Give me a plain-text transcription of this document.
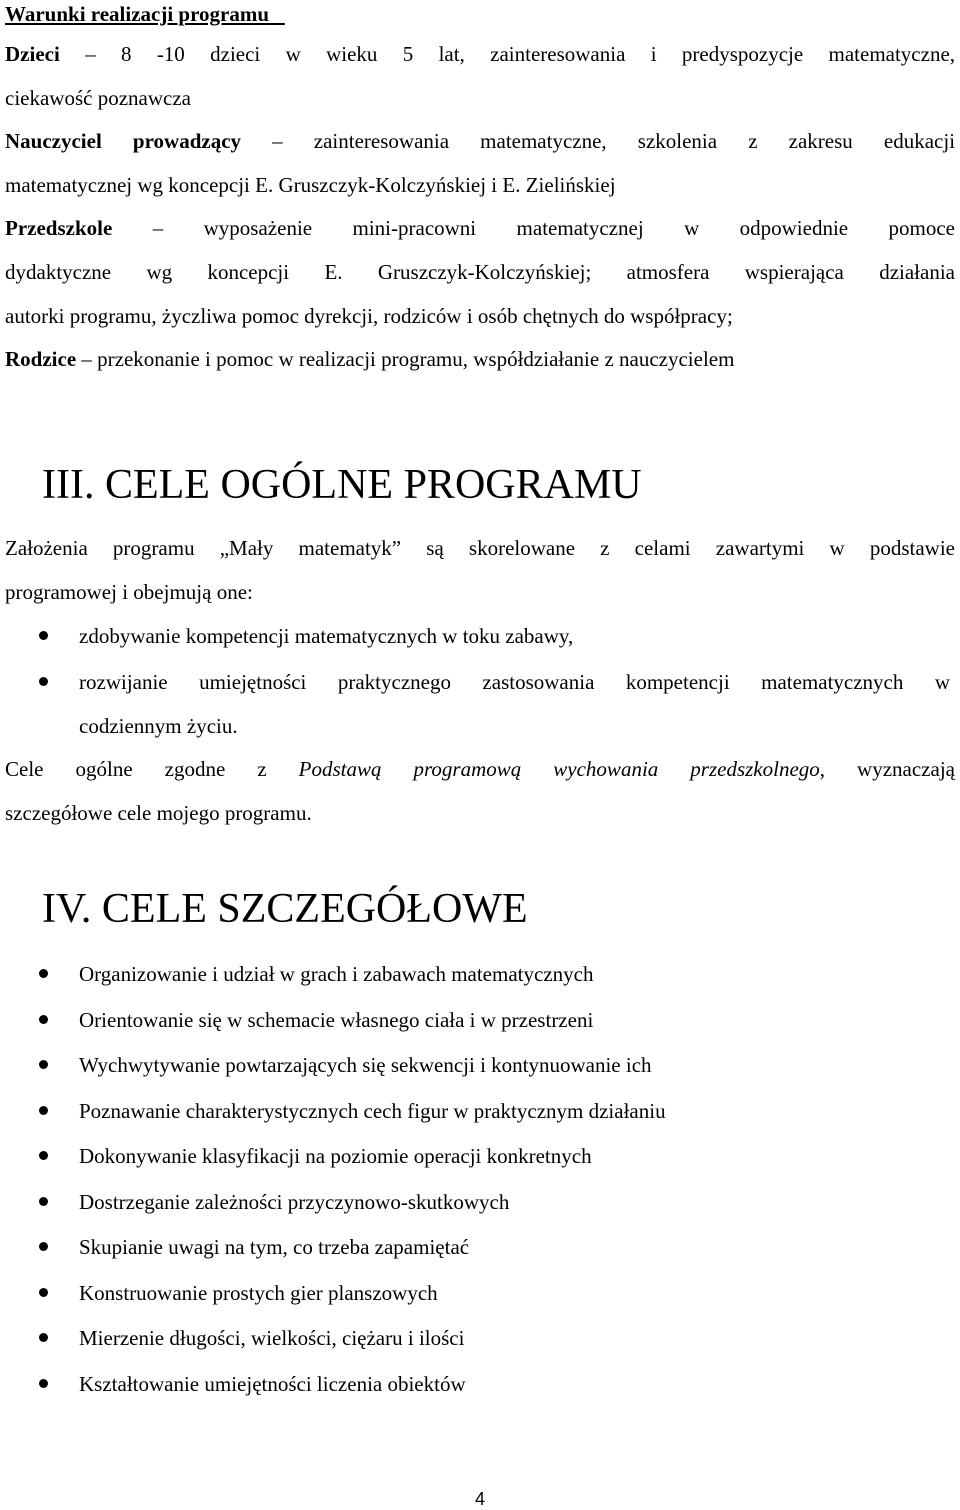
Warunki realizacji programu
Dzieci – 8 -10 dzieci w wieku 5 lat, zainteresowania i predyspozycje matematyczne,
ciekawość poznawcza
Nauczyciel prowadzący – zainteresowania matematyczne, szkolenia z zakresu edukacji
matematycznej wg koncepcji E. Gruszczyk-Kolczyńskiej i E. Zielińskiej
Przedszkole – wyposażenie mini-pracowni matematycznej w odpowiednie pomoce
dydaktyczne wg koncepcji E. Gruszczyk-Kolczyńskiej; atmosfera wspierająca działania
autorki programu, życzliwa pomoc dyrekcji, rodziców i osób chętnych do współpracy;
Rodzice – przekonanie i pomoc w realizacji programu, współdziałanie z nauczycielem
III. CELE OGÓLNE PROGRAMU
Założenia programu „Mały matematyk” są skorelowane z celami zawartymi w podstawie
programowej i obejmują one:
zdobywanie kompetencji matematycznych w toku zabawy,
rozwijanie umiejętności praktycznego zastosowania kompetencji matematycznych w
codziennym życiu.
Cele ogólne zgodne z Podstawą programową wychowania przedszkolnego, wyznaczają
szczegółowe cele mojego programu.
IV. CELE SZCZEGÓŁOWE
Organizowanie i udział w grach i zabawach matematycznych
Orientowanie się w schemacie własnego ciała i w przestrzeni
Wychwytywanie powtarzających się sekwencji i kontynuowanie ich
Poznawanie charakterystycznych cech figur w praktycznym działaniu
Dokonywanie klasyfikacji na poziomie operacji konkretnych
Dostrzeganie zależności przyczynowo-skutkowych
Skupianie uwagi na tym, co trzeba zapamiętać
Konstruowanie prostych gier planszowych
Mierzenie długości, wielkości, ciężaru i ilości
Kształtowanie umiejętności liczenia obiektów
4
